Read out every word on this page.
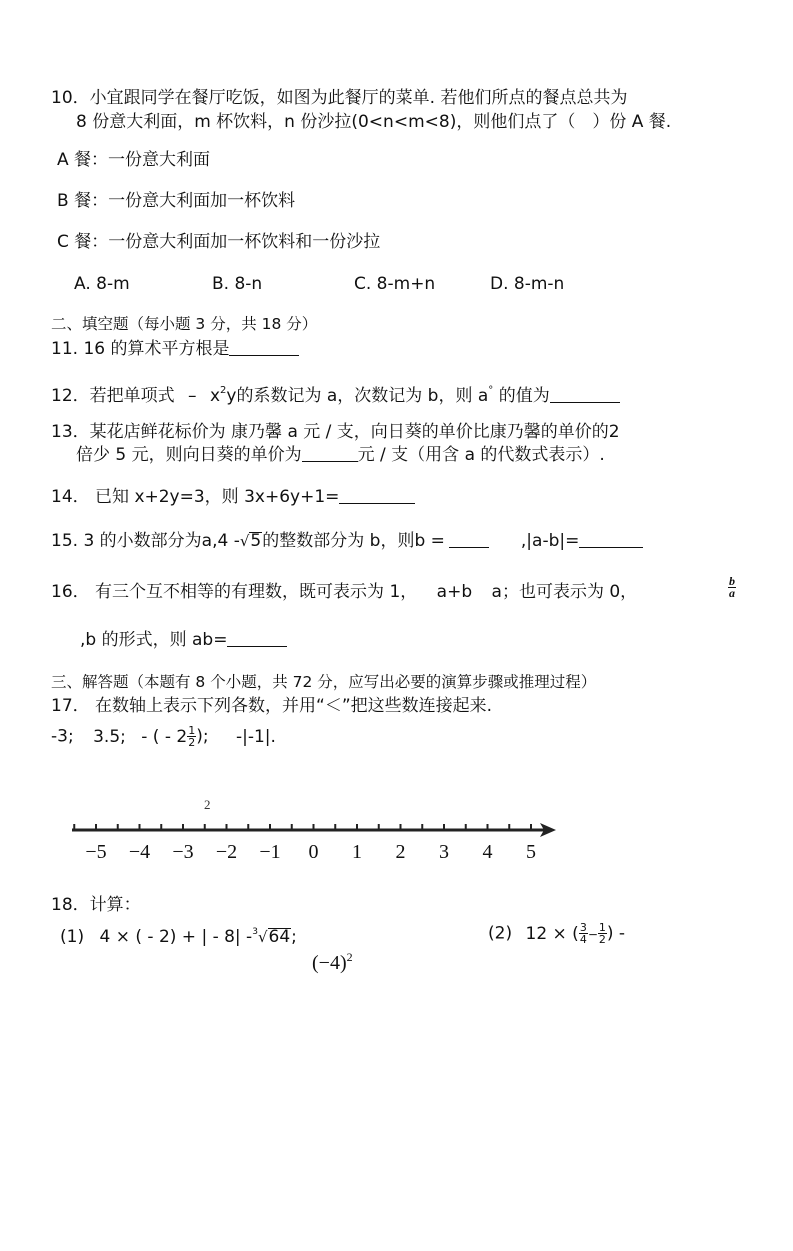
10．小宜跟同学在餐厅吃饭，如图为此餐厅的菜单. 若他们所点的餐点总共为
8 份意大利面，m 杯饮料，n 份沙拉(0<n<m<8)，则他们点了（　）份 A 餐.
A 餐：一份意大利面
B 餐：一份意大利面加一杯饮料
C 餐：一份意大利面加一杯饮料和一份沙拉
A. 8-m	B. 8-n	C. 8-m+n	D. 8-m-n
二、填空题（每小题 3 分，共 18 分）
11. 16 的算术平方根是
12．若把单项式 – $x^2y$的系数记为 a，次数记为 b，则 a° 的值为
13．某花店鲜花标价为 康乃馨 a 元 / 支，向日葵的单价比康乃馨的单价的2
倍少 5 元，则向日葵的单价为	元 / 支（用含 a 的代数式表示）.
14． 已知 x+2y=3，则 3x+6y+1=
15. 3 的小数部分为a,4 -√5的整数部分为 b，则b =	,|a-b|=
16． 有三个互不相等的有理数，既可表示为 1， a+b a；也可表示为 0，	$\frac{b}{a}$
,b 的形式，则 ab=
三、解答题（本题有 8 个小题，共 72 分，应写出必要的演算步骤或推理过程）
17． 在数轴上表示下列各数，并用“＜”把这些数连接起来.
-3; 3.5; - ( - $2 \frac{1}{2}$ ); -|-1|.
−5 −4 −3 −2 −1 0 1 2 3 4 5
2
18．计算：
(1) 4 × ( - 2) + | - 8| -$^3$√64;	(2) 12 × ( $\frac{3}{4} - \frac{1}{2}$ ) -
$(-4)^2$
